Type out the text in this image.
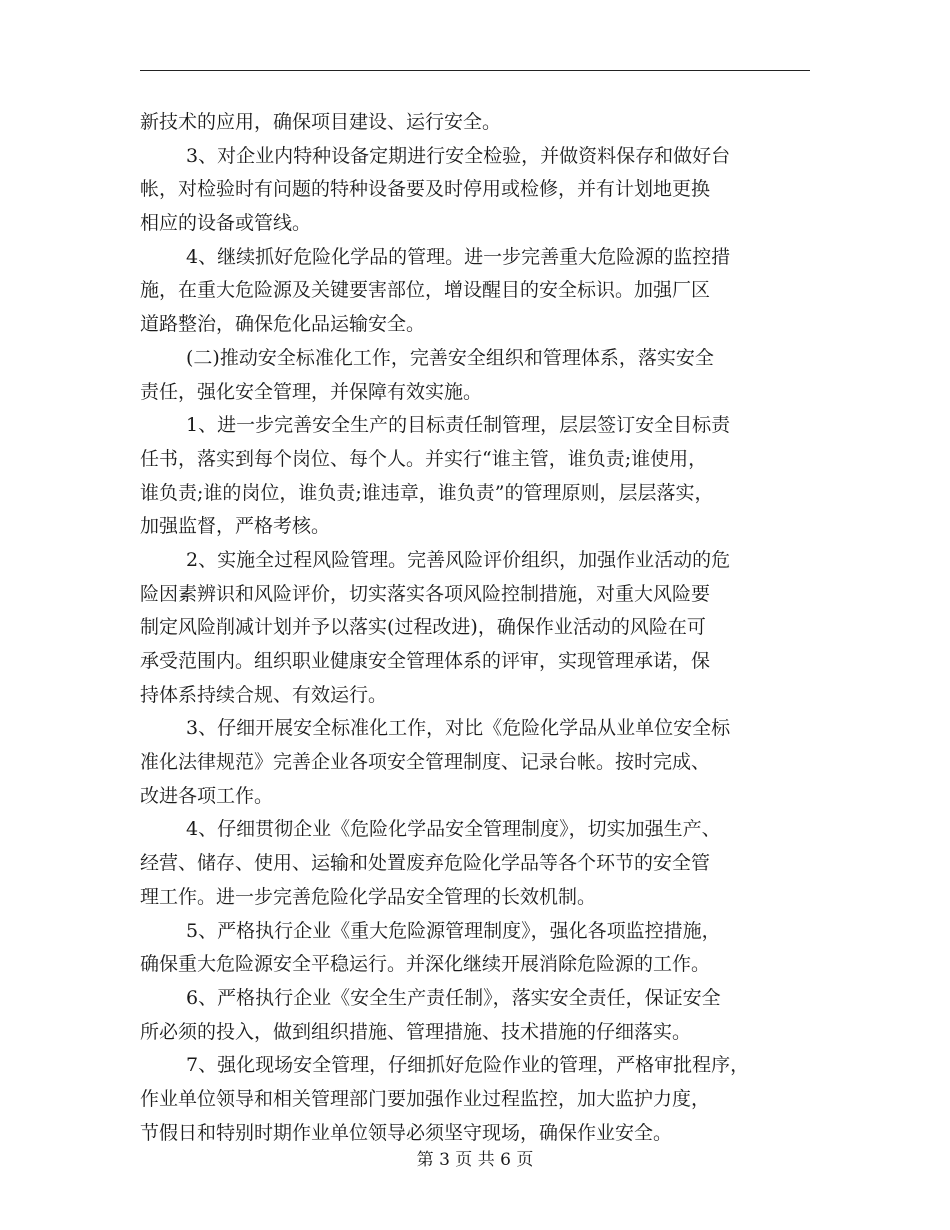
新技术的应用，确保项目建设、运行安全。
3、对企业内特种设备定期进行安全检验，并做资料保存和做好台
帐，对检验时有问题的特种设备要及时停用或检修，并有计划地更换
相应的设备或管线。
4、继续抓好危险化学品的管理。进一步完善重大危险源的监控措
施，在重大危险源及关键要害部位，增设醒目的安全标识。加强厂区
道路整治，确保危化品运输安全。
(二)推动安全标准化工作，完善安全组织和管理体系，落实安全
责任，强化安全管理，并保障有效实施。
1、进一步完善安全生产的目标责任制管理，层层签订安全目标责
任书，落实到每个岗位、每个人。并实行“谁主管，谁负责;谁使用，
谁负责;谁的岗位，谁负责;谁违章，谁负责”的管理原则，层层落实，
加强监督，严格考核。
2、实施全过程风险管理。完善风险评价组织，加强作业活动的危
险因素辨识和风险评价，切实落实各项风险控制措施，对重大风险要
制定风险削减计划并予以落实(过程改进)，确保作业活动的风险在可
承受范围内。组织职业健康安全管理体系的评审，实现管理承诺，保
持体系持续合规、有效运行。
3、仔细开展安全标准化工作，对比《危险化学品从业单位安全标
准化法律规范》完善企业各项安全管理制度、记录台帐。按时完成、
改进各项工作。
4、仔细贯彻企业《危险化学品安全管理制度》，切实加强生产、
经营、储存、使用、运输和处置废弃危险化学品等各个环节的安全管
理工作。进一步完善危险化学品安全管理的长效机制。
5、严格执行企业《重大危险源管理制度》，强化各项监控措施，
确保重大危险源安全平稳运行。并深化继续开展消除危险源的工作。
6、严格执行企业《安全生产责任制》，落实安全责任，保证安全
所必须的投入，做到组织措施、管理措施、技术措施的仔细落实。
7、强化现场安全管理，仔细抓好危险作业的管理，严格审批程序，
作业单位领导和相关管理部门要加强作业过程监控，加大监护力度，
节假日和特别时期作业单位领导必须坚守现场，确保作业安全。
第 3 页 共 6 页
